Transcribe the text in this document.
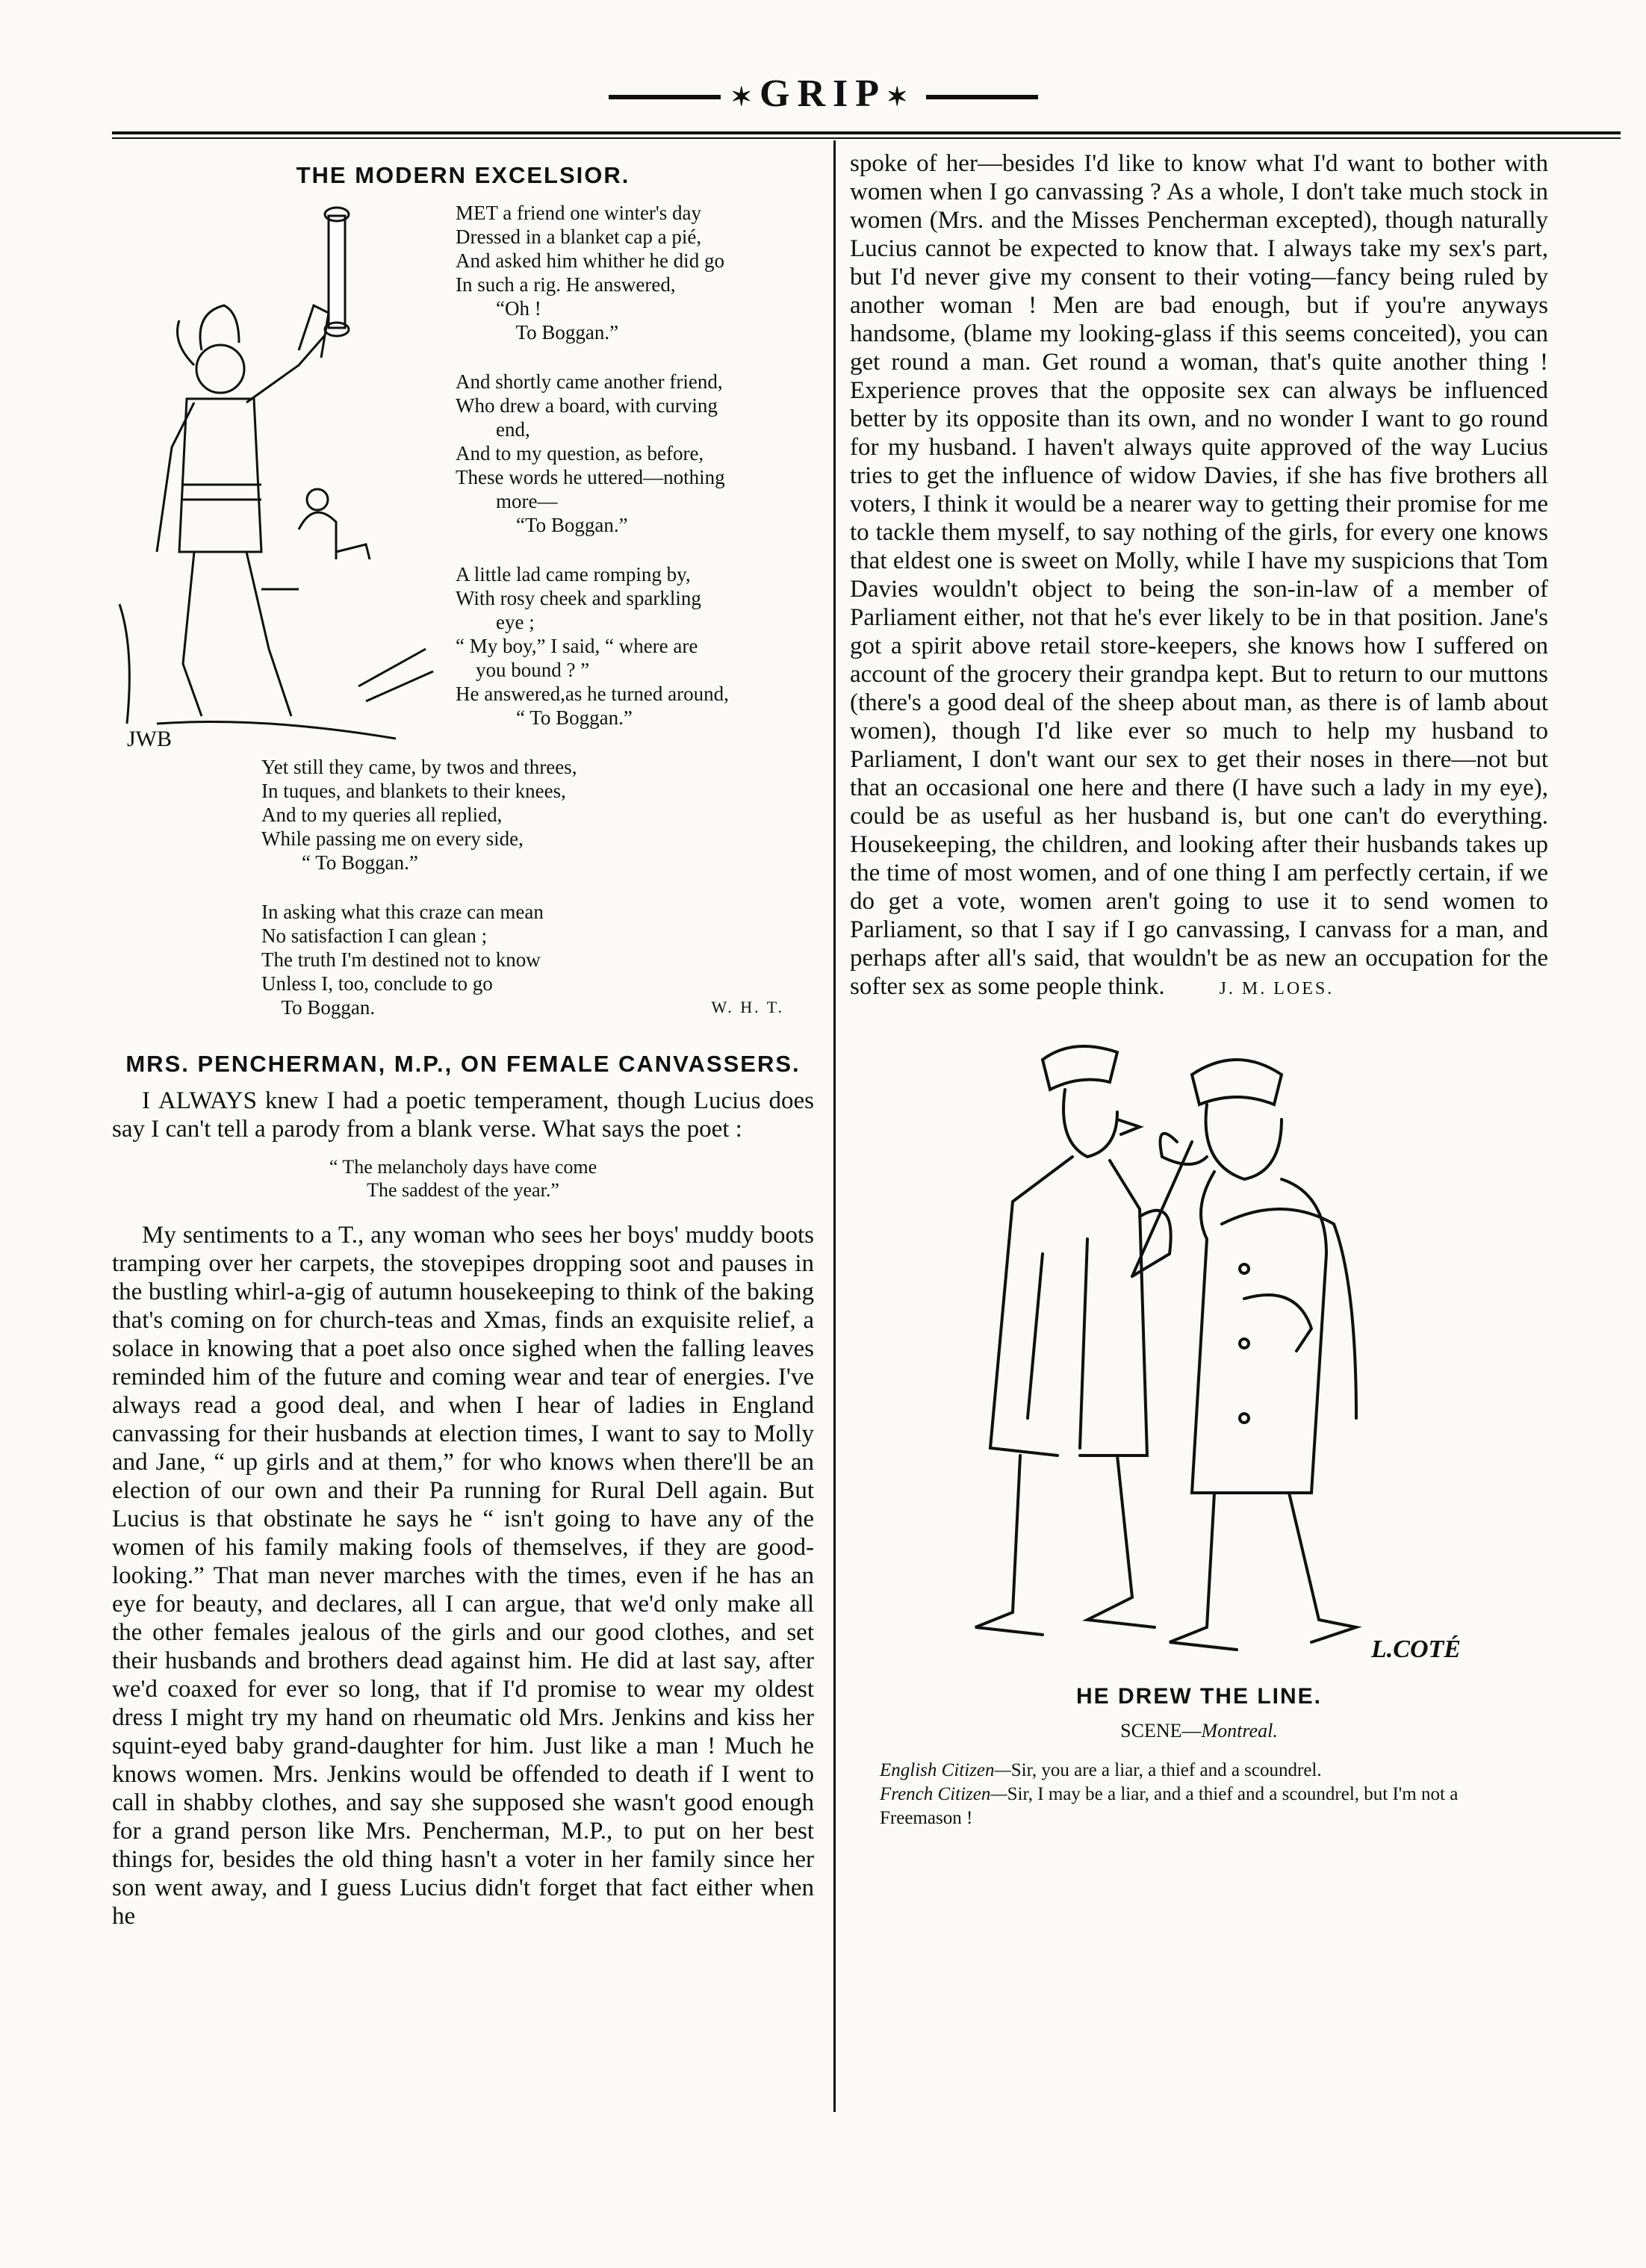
✶GRIP✶
THE MODERN EXCELSIOR.
JWB
MET a friend one winter's day
Dressed in a blanket cap a pié,
And asked him whither he did go
In such a rig. He answered,
“Oh !
To Boggan.”
And shortly came another friend,
Who drew a board, with curving
end,
And to my question, as before,
These words he uttered—nothing
more—
“To Boggan.”
A little lad came romping by,
With rosy cheek and sparkling
eye ;
“ My boy,” I said, “ where are
you bound ? ”
He answered,as he turned around,
“ To Boggan.”
Yet still they came, by twos and threes,
In tuques, and blankets to their knees,
And to my queries all replied,
While passing me on every side,
“ To Boggan.”
In asking what this craze can mean
No satisfaction I can glean ;
The truth I'm destined not to know
Unless I, too, conclude to go
To Boggan.	W. H. T.
MRS. PENCHERMAN, M.P., ON FEMALE CANVASSERS.

I ALWAYS knew I had a poetic temperament, though Lucius does say I can't tell a parody from a blank verse. What says the poet :

“ The melancholy days have come
The saddest of the year.”

My sentiments to a T., any woman who sees her boys' muddy boots tramping over her carpets, the stovepipes dropping soot and pauses in the bustling whirl-a-gig of autumn housekeeping to think of the baking that's coming on for church-teas and Xmas, finds an exquisite relief, a solace in knowing that a poet also once sighed when the falling leaves reminded him of the future and coming wear and tear of energies. I've always read a good deal, and when I hear of ladies in England canvassing for their husbands at election times, I want to say to Molly and Jane, “ up girls and at them,” for who knows when there'll be an election of our own and their Pa running for Rural Dell again. But Lucius is that obstinate he says he “ isn't going to have any of the women of his family making fools of themselves, if they are good-looking.” That man never marches with the times, even if he has an eye for beauty, and declares, all I can argue, that we'd only make all the other females jealous of the girls and our good clothes, and set their husbands and brothers dead against him. He did at last say, after we'd coaxed for ever so long, that if I'd promise to wear my oldest dress I might try my hand on rheumatic old Mrs. Jenkins and kiss her squint-eyed baby grand-daughter for him. Just like a man ! Much he knows women. Mrs. Jenkins would be offended to death if I went to call in shabby clothes, and say she supposed she wasn't good enough for a grand person like Mrs. Pencherman, M.P., to put on her best things for, besides the old thing hasn't a voter in her family since her son went away, and I guess Lucius didn't forget that fact either when he

spoke of her—besides I'd like to know what I'd want to bother with women when I go canvassing ? As a whole, I don't take much stock in women (Mrs. and the Misses Pencherman excepted), though naturally Lucius cannot be expected to know that. I always take my sex's part, but I'd never give my consent to their voting—fancy being ruled by another woman ! Men are bad enough, but if you're anyways handsome, (blame my looking-glass if this seems conceited), you can get round a man. Get round a woman, that's quite another thing ! Experience proves that the opposite sex can always be influenced better by its opposite than its own, and no wonder I want to go round for my husband. I haven't always quite approved of the way Lucius tries to get the influence of widow Davies, if she has five brothers all voters, I think it would be a nearer way to getting their promise for me to tackle them myself, to say nothing of the girls, for every one knows that eldest one is sweet on Molly, while I have my suspicions that Tom Davies wouldn't object to being the son-in-law of a member of Parliament either, not that he's ever likely to be in that position. Jane's got a spirit above retail store-keepers, she knows how I suffered on account of the grocery their grandpa kept. But to return to our muttons (there's a good deal of the sheep about man, as there is of lamb about women), though I'd like ever so much to help my husband to Parliament, I don't want our sex to get their noses in there—not but that an occasional one here and there (I have such a lady in my eye), could be as useful as her husband is, but one can't do everything. Housekeeping, the children, and looking after their husbands takes up the time of most women, and of one thing I am perfectly certain, if we do get a vote, women aren't going to use it to send women to Parliament, so that I say if I go canvassing, I canvass for a man, and perhaps after all's said, that wouldn't be as new an occupation for the softer sex as some people think.	J. M. LOES.

L.COTÉ
HE DREW THE LINE.
SCENE—Montreal.
English Citizen—Sir, you are a liar, a thief and a scoundrel.
French Citizen—Sir, I may be a liar, and a thief and a scoundrel, but I'm not a Freemason !
